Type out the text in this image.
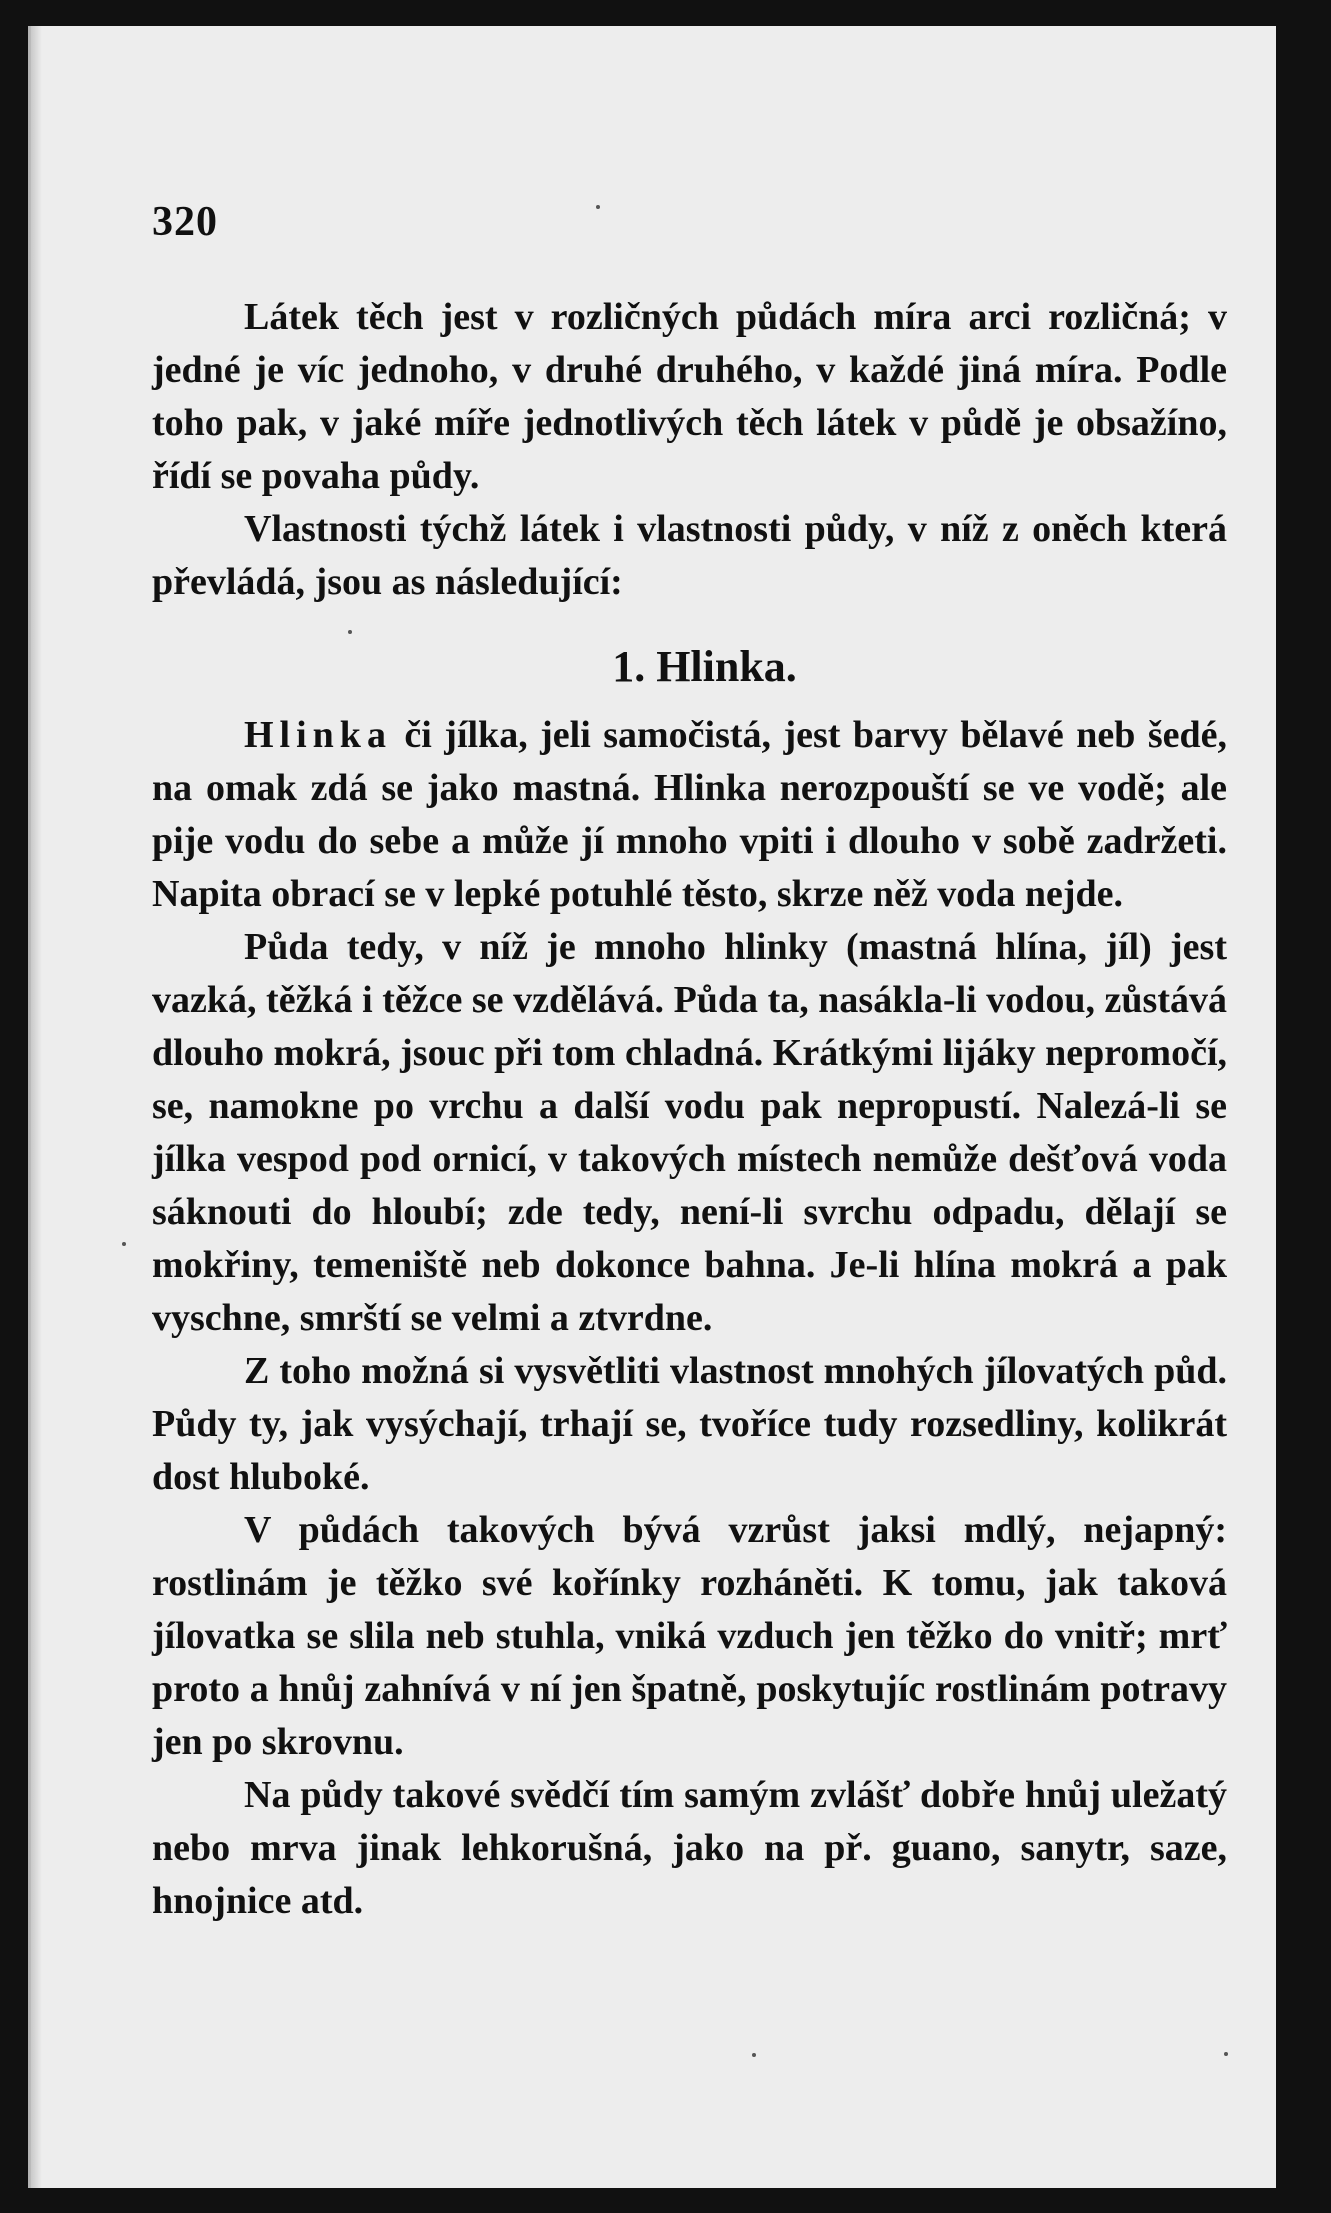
320

Látek těch jest v rozličných půdách míra arci rozličná; v jedné je víc jednoho, v druhé druhého, v každé jiná míra. Podle toho pak, v jaké míře jednotlivých těch látek v půdě je obsažíno, řídí se povaha půdy.

Vlastnosti týchž látek i vlastnosti půdy, v níž z oněch která převládá, jsou as následující:

1. Hlinka.

Hlinka či jílka, jeli samočistá, jest barvy bělavé neb šedé, na omak zdá se jako mastná. Hlinka nerozpouští se ve vodě; ale pije vodu do sebe a může jí mnoho vpiti i dlouho v sobě zadržeti. Napita obrací se v lepké potuhlé těsto, skrze něž voda nejde.

Půda tedy, v níž je mnoho hlinky (mastná hlína, jíl) jest vazká, těžká i těžce se vzdělává. Půda ta, nasákla-li vodou, zůstává dlouho mokrá, jsouc při tom chladná. Krátkými lijáky nepromočí, se, namokne po vrchu a další vodu pak nepropustí. Nalezá-li se jílka vespod pod ornicí, v takových místech nemůže dešťová voda sáknouti do hloubí; zde tedy, není-li svrchu odpadu, dělají se mokřiny, temeniště neb dokonce bahna. Je-li hlína mokrá a pak vyschne, smrští se velmi a ztvrdne.

Z toho možná si vysvětliti vlastnost mnohých jílovatých půd. Půdy ty, jak vysýchají, trhají se, tvoříce tudy rozsedliny, kolikrát dost hluboké.

V půdách takových bývá vzrůst jaksi mdlý, nejapný: rostlinám je těžko své kořínky rozháněti. K tomu, jak taková jílovatka se slila neb stuhla, vniká vzduch jen těžko do vnitř; mrť proto a hnůj zahnívá v ní jen špatně, poskytujíc rostlinám potravy jen po skrovnu.

Na půdy takové svědčí tím samým zvlášť dobře hnůj uležatý nebo mrva jinak lehkorušná, jako na př. guano, sanytr, saze, hnojnice atd.
